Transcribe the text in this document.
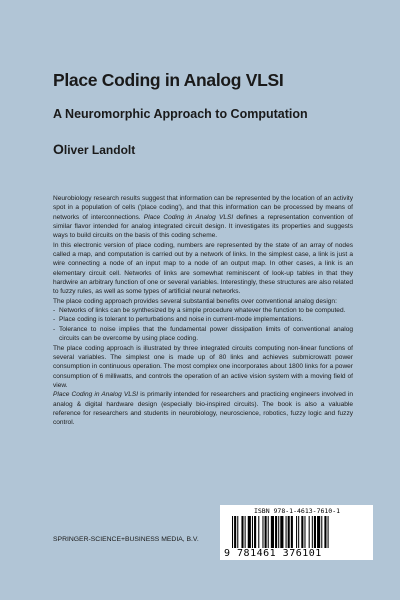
Place Coding in Analog VLSI
A Neuromorphic Approach to Computation
Oliver Landolt

Neurobiology research results suggest that information can be represented by the location of an activity spot in a population of cells ('place coding'), and that this information can be processed by means of networks of interconnections. Place Coding in Analog VLSI defines a representation convention of similar flavor intended for analog integrated circuit design. It investigates its properties and suggests ways to build circuits on the basis of this coding scheme.

In this electronic version of place coding, numbers are represented by the state of an array of nodes called a map, and computation is carried out by a network of links. In the simplest case, a link is just a wire connecting a node of an input map to a node of an output map. In other cases, a link is an elementary circuit cell. Networks of links are somewhat reminiscent of look-up tables in that they hardwire an arbitrary function of one or several variables. Interestingly, these structures are also related to fuzzy rules, as well as some types of artificial neural networks.

The place coding approach provides several substantial benefits over conventional analog design:

- Networks of links can be synthesized by a simple procedure whatever the function to be computed.
- Place coding is tolerant to perturbations and noise in current-mode implementations.
- Tolerance to noise implies that the fundamental power dissipation limits of conventional analog circuits can be overcome by using place coding.

The place coding approach is illustrated by three integrated circuits computing non-linear functions of several variables. The simplest one is made up of 80 links and achieves submicrowatt power consumption in continuous operation. The most complex one incorporates about 1800 links for a power consumption of 6 milliwatts, and controls the operation of an active vision system with a moving field of view.

Place Coding in Analog VLSI is primarily intended for researchers and practicing engineers involved in analog & digital hardware design (especially bio-inspired circuits). The book is also a valuable reference for researchers and students in neurobiology, neuroscience, robotics, fuzzy logic and fuzzy control.

SPRINGER-SCIENCE+BUSINESS MEDIA, B.V.
ISBN 978-1-4613-7610-1
9 781461 376101
